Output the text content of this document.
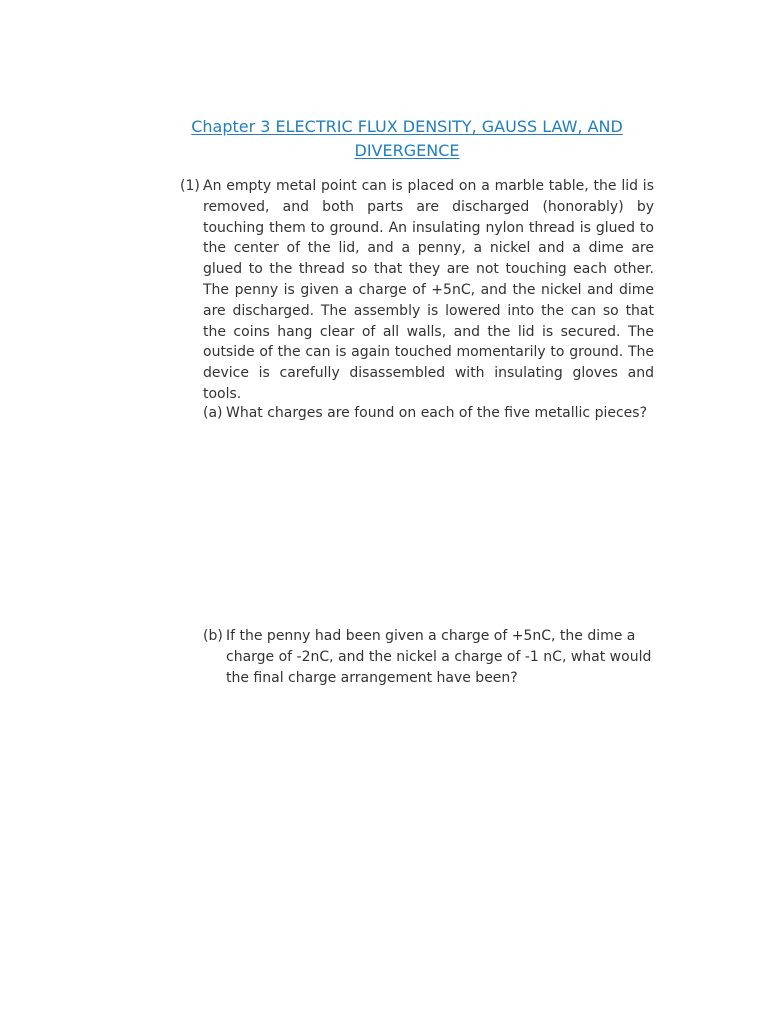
Chapter 3 ELECTRIC FLUX DENSITY, GAUSS LAW, AND DIVERGENCE
(1) An empty metal point can is placed on a marble table, the lid is removed, and both parts are discharged (honorably) by touching them to ground. An insulating nylon thread is glued to the center of the lid, and a penny, a nickel and a dime are glued to the thread so that they are not touching each other. The penny is given a charge of +5nC, and the nickel and dime are discharged. The assembly is lowered into the can so that the coins hang clear of all walls, and the lid is secured. The outside of the can is again touched momentarily to ground. The device is carefully disassembled with insulating gloves and tools.

(a) What charges are found on each of the five metallic pieces?

(b) If the penny had been given a charge of +5nC, the dime a charge of -2nC, and the nickel a charge of -1 nC, what would the final charge arrangement have been?
